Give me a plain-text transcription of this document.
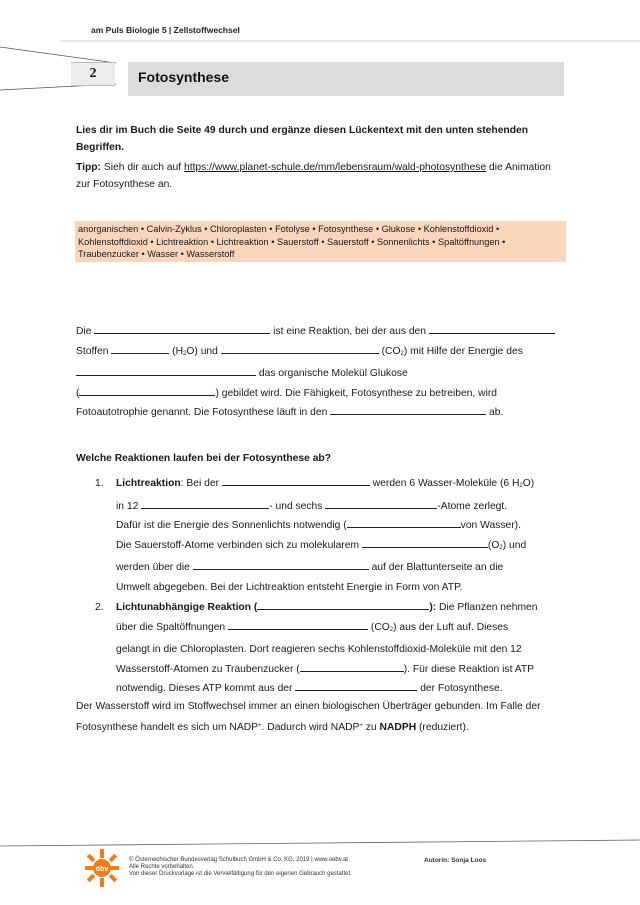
am Puls Biologie 5 | Zellstoffwechsel
2	Fotosynthese
Lies dir im Buch die Seite 49 durch und ergänze diesen Lückentext mit den unten stehenden Begriffen.
Tipp: Sieh dir auch auf https://www.planet-schule.de/mm/lebensraum/wald-photosynthese die Animation zur Fotosynthese an.
anorganischen • Calvin-Zyklus • Chloroplasten • Fotolyse • Fotosynthese • Glukose • Kohlenstoffdioxid • Kohlenstoffdioxid • Lichtreaktion • Lichtreaktion • Sauerstoff • Sauerstoff • Sonnenlichts • Spaltöffnungen • Traubenzucker • Wasser • Wasserstoff
Die	ist eine Reaktion, bei der aus den
Stoffen	$(H_2O)$ und	$(CO_2)$ mit Hilfe der Energie des
das organische Molekül Glukose
(	) gebildet wird. Die Fähigkeit, Fotosynthese zu betreiben, wird
Fotoautotrophie genannt. Die Fotosynthese läuft in den	ab.
Welche Reaktionen laufen bei der Fotosynthese ab?
1. Lichtreaktion: Bei der	werden 6 Wasser-Moleküle (6 $H_2O$)
in 12	- und sechs	-Atome zerlegt.
Dafür ist die Energie des Sonnenlichts notwendig (	von Wasser).
Die Sauerstoff-Atome verbinden sich zu molekularem	$(O_2)$ und
werden über die	auf der Blattunterseite an die
Umwelt abgegeben. Bei der Lichtreaktion entsteht Energie in Form von ATP.
2. Lichtunabhängige Reaktion (	): Die Pflanzen nehmen
über die Spaltöffnungen	$(CO_2)$ aus der Luft auf. Dieses
gelangt in die Chloroplasten. Dort reagieren sechs Kohlenstoffdioxid-Moleküle mit den 12
Wasserstoff-Atomen zu Traubenzucker (	). Für diese Reaktion ist ATP
notwendig. Dieses ATP kommt aus der	der Fotosynthese.
Der Wasserstoff wird im Stoffwechsel immer an einen biologischen Überträger gebunden. Im Falle der Fotosynthese handelt es sich um NADP+. Dadurch wird NADP+ zu NADPH (reduziert).
öbv
© Österreichischer Bundesverlag Schulbuch GmbH & Co. KG, 2019 | www.oebv.at
Alle Rechte vorbehalten.
Von dieser Druckvorlage ist die Vervielfältigung für den eigenen Gebrauch gestattet.
Autorin: Sonja Loos
